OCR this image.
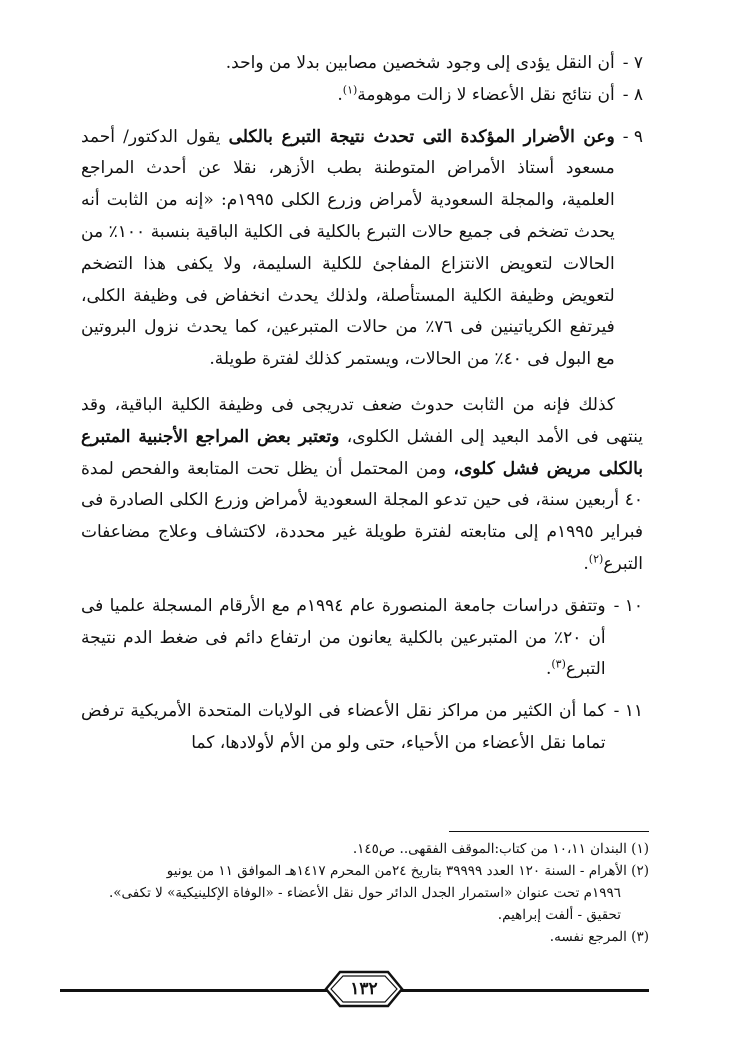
٧ -
أن النقل يؤدى إلى وجود شخصين مصابين بدلا من واحد.

٨ -
أن نتائج نقل الأعضاء لا زالت موهومة$^{(١)}$.

٩ -
وعن الأضرار المؤكدة التى تحدث نتيجة التبرع بالكلى يقول الدكتور/ أحمد مسعود أستاذ الأمراض المتوطنة بطب الأزهر، نقلا عن أحدث المراجع العلمية، والمجلة السعودية لأمراض وزرع الكلى ١٩٩٥م: «إنه من الثابت أنه يحدث تضخم فى جميع حالات التبرع بالكلية فى الكلية الباقية بنسبة ١٠٠٪ من الحالات لتعويض الانتزاع المفاجئ للكلية السليمة، ولا يكفى هذا التضخم لتعويض وظيفة الكلية المستأصلة، ولذلك يحدث انخفاض فى وظيفة الكلى، فيرتفع الكرياتينين فى ٧٦٪ من حالات المتبرعين، كما يحدث نزول البروتين مع البول فى ٤٠٪ من الحالات، ويستمر كذلك لفترة طويلة.

كذلك فإنه من الثابت حدوث ضعف تدريجى فى وظيفة الكلية الباقية، وقد ينتهى فى الأمد البعيد إلى الفشل الكلوى، وتعتبر بعض المراجع الأجنبية المتبرع بالكلى مريض فشل كلوى، ومن المحتمل أن يظل تحت المتابعة والفحص لمدة ٤٠ أربعين سنة، فى حين تدعو المجلة السعودية لأمراض وزرع الكلى الصادرة فى فبراير ١٩٩٥م إلى متابعته لفترة طويلة غير محددة، لاكتشاف وعلاج مضاعفات التبرع$^{(٢)}$.

١٠ -
وتتفق دراسات جامعة المنصورة عام ١٩٩٤م مع الأرقام المسجلة علميا فى أن ٢٠٪ من المتبرعين بالكلية يعانون من ارتفاع دائم فى ضغط الدم نتيجة التبرع$^{(٣)}$.

١١ -
كما أن الكثير من مراكز نقل الأعضاء فى الولايات المتحدة الأمريكية ترفض تماما نقل الأعضاء من الأحياء، حتى ولو من الأم لأولادها، كما

(١) البندان ١٠،١١ من كتاب:الموقف الفقهى.. ص١٤٥.

(٢) الأهرام - السنة ١٢٠ العدد ٣٩٩٩٩ بتاريخ ٢٤من المحرم ١٤١٧هـ الموافق ١١ من يونيو

١٩٩٦م تحت عنوان «استمرار الجدل الدائر حول نقل الأعضاء - «الوفاة الإكلينيكية» لا تكفى».

تحقيق - ألفت إبراهيم.

(٣) المرجع نفسه.

١٣٢
